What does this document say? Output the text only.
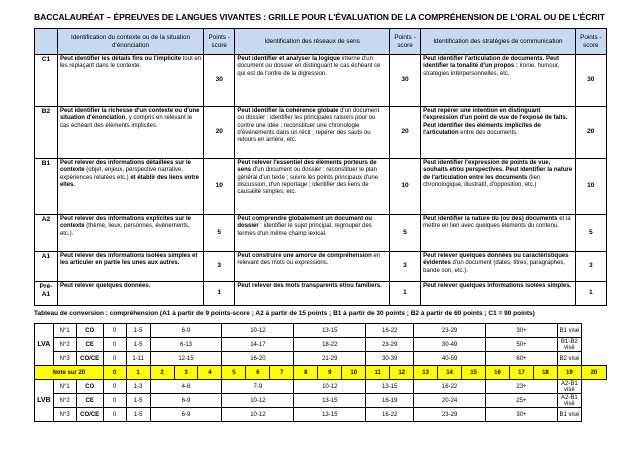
BACCALAURÉAT – ÉPREUVES DE LANGUES VIVANTES : GRILLE POUR L'ÉVALUATION DE LA COMPRÉHENSION DE L'ORAL OU DE L'ÉCRIT
	Identification du contexte ou de la situation d'énonciation	Points -score	Identification des réseaux de sens	Points -score	Identification des stratégies de communication	Points -score
C1	Peut identifier les détails fins ou l'implicite tout en les replaçant dans le contexte.	30	Peut identifier et analyser la logique interne d'un document ou dossier en distinguant le cas échéant ce qui est de l'ordre de la digression.	30	Peut identifier l'articulation de documents. Peut identifier la tonalité d'un propos : ironie, humour, stratégies interpersonnelles, etc.	30
B2	Peut identifier la richesse d'un contexte ou d'une situation d'énonciation, y compris en relevant le cas échéant des éléments implicites.	20	Peut identifier la cohérence globale d'un document ou dossier : identifier les principales raisons pour ou contre une idée ; reconstituer une chronologie d'événements dans un récit ; repérer des sauts ou retours en arrière, etc.	20	Peut repérer une intention en distinguant l'expression d'un point de vue de l'exposé de faits. Peut identifier des éléments implicites de l'articulation entre des documents.	20
B1	Peut relever des informations détaillées sur le contexte (objet, enjeux, perspective narrative, expériences relatées etc.) et établir des liens entre elles.	10	Peut relever l'essentiel des éléments porteurs de sens d'un document ou dossier : reconstituer le plan général d'un texte ; suivre les points principaux d'une discussion, d'un reportage ; identifier des liens de causalité simples, etc.	10	Peut identifier l'expression de points de vue, souhaits et/ou perspectives. Peut identifier la nature de l'articulation entre les documents (lien chronologique, illustratif, d'opposition, etc.)	10
A2	Peut relever des informations explicites sur le contexte (thème, lieux, personnes, événements, etc.).	5	Peut comprendre globalement un document ou dossier : identifier le sujet principal, regrouper des termes d'un même champ lexical.	5	Peut identifier la nature du (ou des) documents et la mettre en lien avec quelques éléments du contenu.	5
A1	Peut relever des informations isolées simples et les articuler en partie les unes aux autres.	3	Peut construire une amorce de compréhension en relevant des mots ou expressions.	3	Peut relever quelques données ou caractéristiques évidentes d'un document (dates, titres, paragraphes, bande son, etc.).	3
Pré-A1	Peut relever quelques données.	1	Peut relever des mots transparents et/ou familiers.	1	Peut relever quelques informations isolées simples.	1
Tableau de conversion : compréhension (A1 à partir de 9 points-score ; A2 à partir de 15 points ; B1 à partir de 30 points ; B2 à partir de 60 points ; C1 = 90 points)
LVA	N°1	CO	0	1-5	6-9			10-12			13-15			16-22		23-29			30+			B1 visé	
	N°2	CE	0	1-5	6-13			14-17			18-22			23-29		30-49			50+			B1-B2 visé	
	N°3	CO/CE	0	1-11	12-15			16-20			21-29			30-39		40-59			60+			B2 visé	
Note sur 20			0	1	2	3	4	5	6	7	8	9	10	11	12	13	14	15	16	17	18	19	20
LVB	N°1	CO	0	1-3	4-6			7-9			10-12			13-15		16-22			23+			A2-B1 visé	
	N°2	CE	0	1-5	6-9			10-12			13-15			16-19		20-24			25+			A2-B1 visé	
	N°3	CO/CE	0	1-5	6-9			10-12			13-15			16-22		23-29			30+			B1 visé	
